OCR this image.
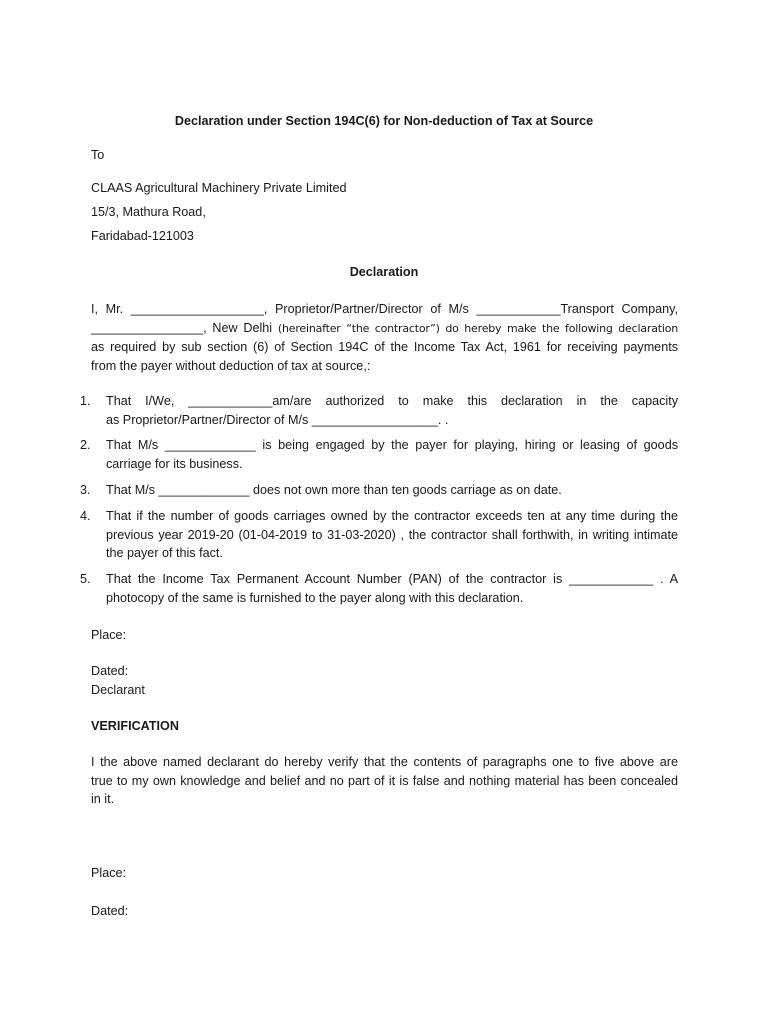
Declaration under Section 194C(6) for Non-deduction of Tax at Source
To
CLAAS Agricultural Machinery Private Limited
15/3, Mathura Road,
Faridabad-121003
Declaration
I, Mr. ___________________, Proprietor/Partner/Director of M/s ____________Transport Company,
________________, New Delhi (hereinafter “the contractor”) do hereby make the following declaration
as required by sub section (6) of Section 194C of the Income Tax Act, 1961 for receiving payments
from the payer without deduction of tax at source,:
1.	That I/We, ____________am/are authorized to make this declaration in the capacity
as Proprietor/Partner/Director of M/s __________________. .
2.	That M/s _____________ is being engaged by the payer for playing, hiring or leasing of goods
carriage for its business.
3.	That M/s _____________ does not own more than ten goods carriage as on date.
4.	That if the number of goods carriages owned by the contractor exceeds ten at any time during the
previous year 2019-20 (01-04-2019 to 31-03-2020) , the contractor shall forthwith, in writing intimate
the payer of this fact.
5.	That the Income Tax Permanent Account Number (PAN) of the contractor is ____________ . A
photocopy of the same is furnished to the payer along with this declaration.
Place:
Dated:
Declarant
VERIFICATION
I the above named declarant do hereby verify that the contents of paragraphs one to five above are
true to my own knowledge and belief and no part of it is false and nothing material has been concealed
in it.
Place:
Dated:
